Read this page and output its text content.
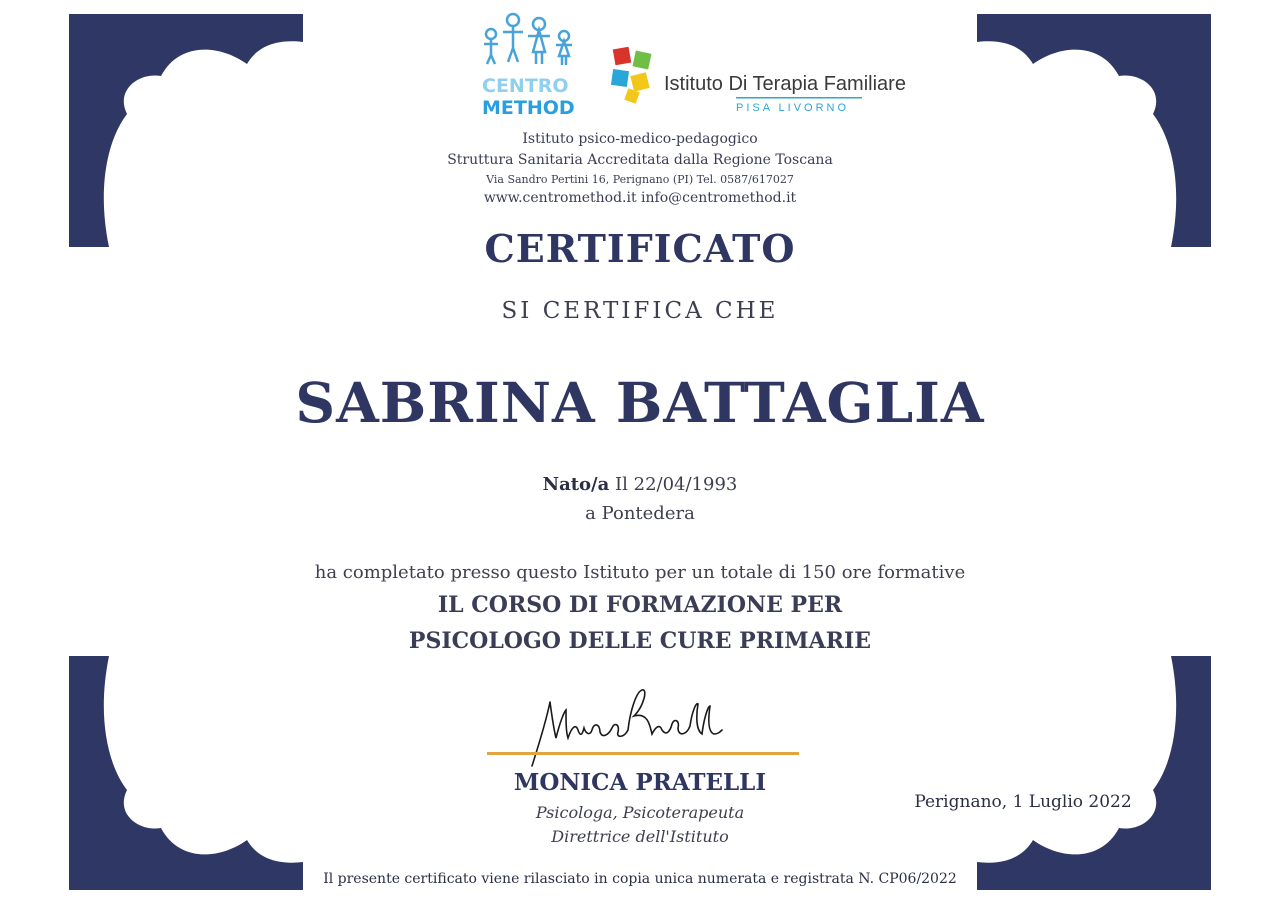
CENTRO
METHOD
Istituto Di Terapia Familiare
PISA LIVORNO
Istituto psico-medico-pedagogico
Struttura Sanitaria Accreditata dalla Regione Toscana
Via Sandro Pertini 16, Perignano (PI) Tel. 0587/617027
www.centromethod.it info@centromethod.it
CERTIFICATO
SI CERTIFICA CHE
SABRINA BATTAGLIA
Nato/a Il 22/04/1993
a Pontedera
ha completato presso questo Istituto per un totale di 150 ore formative
IL CORSO DI FORMAZIONE PER
PSICOLOGO DELLE CURE PRIMARIE
MONICA PRATELLI
Psicologa, Psicoterapeuta
Direttrice dell'Istituto
Perignano, 1 Luglio 2022
Il presente certificato viene rilasciato in copia unica numerata e registrata N. CP06/2022
